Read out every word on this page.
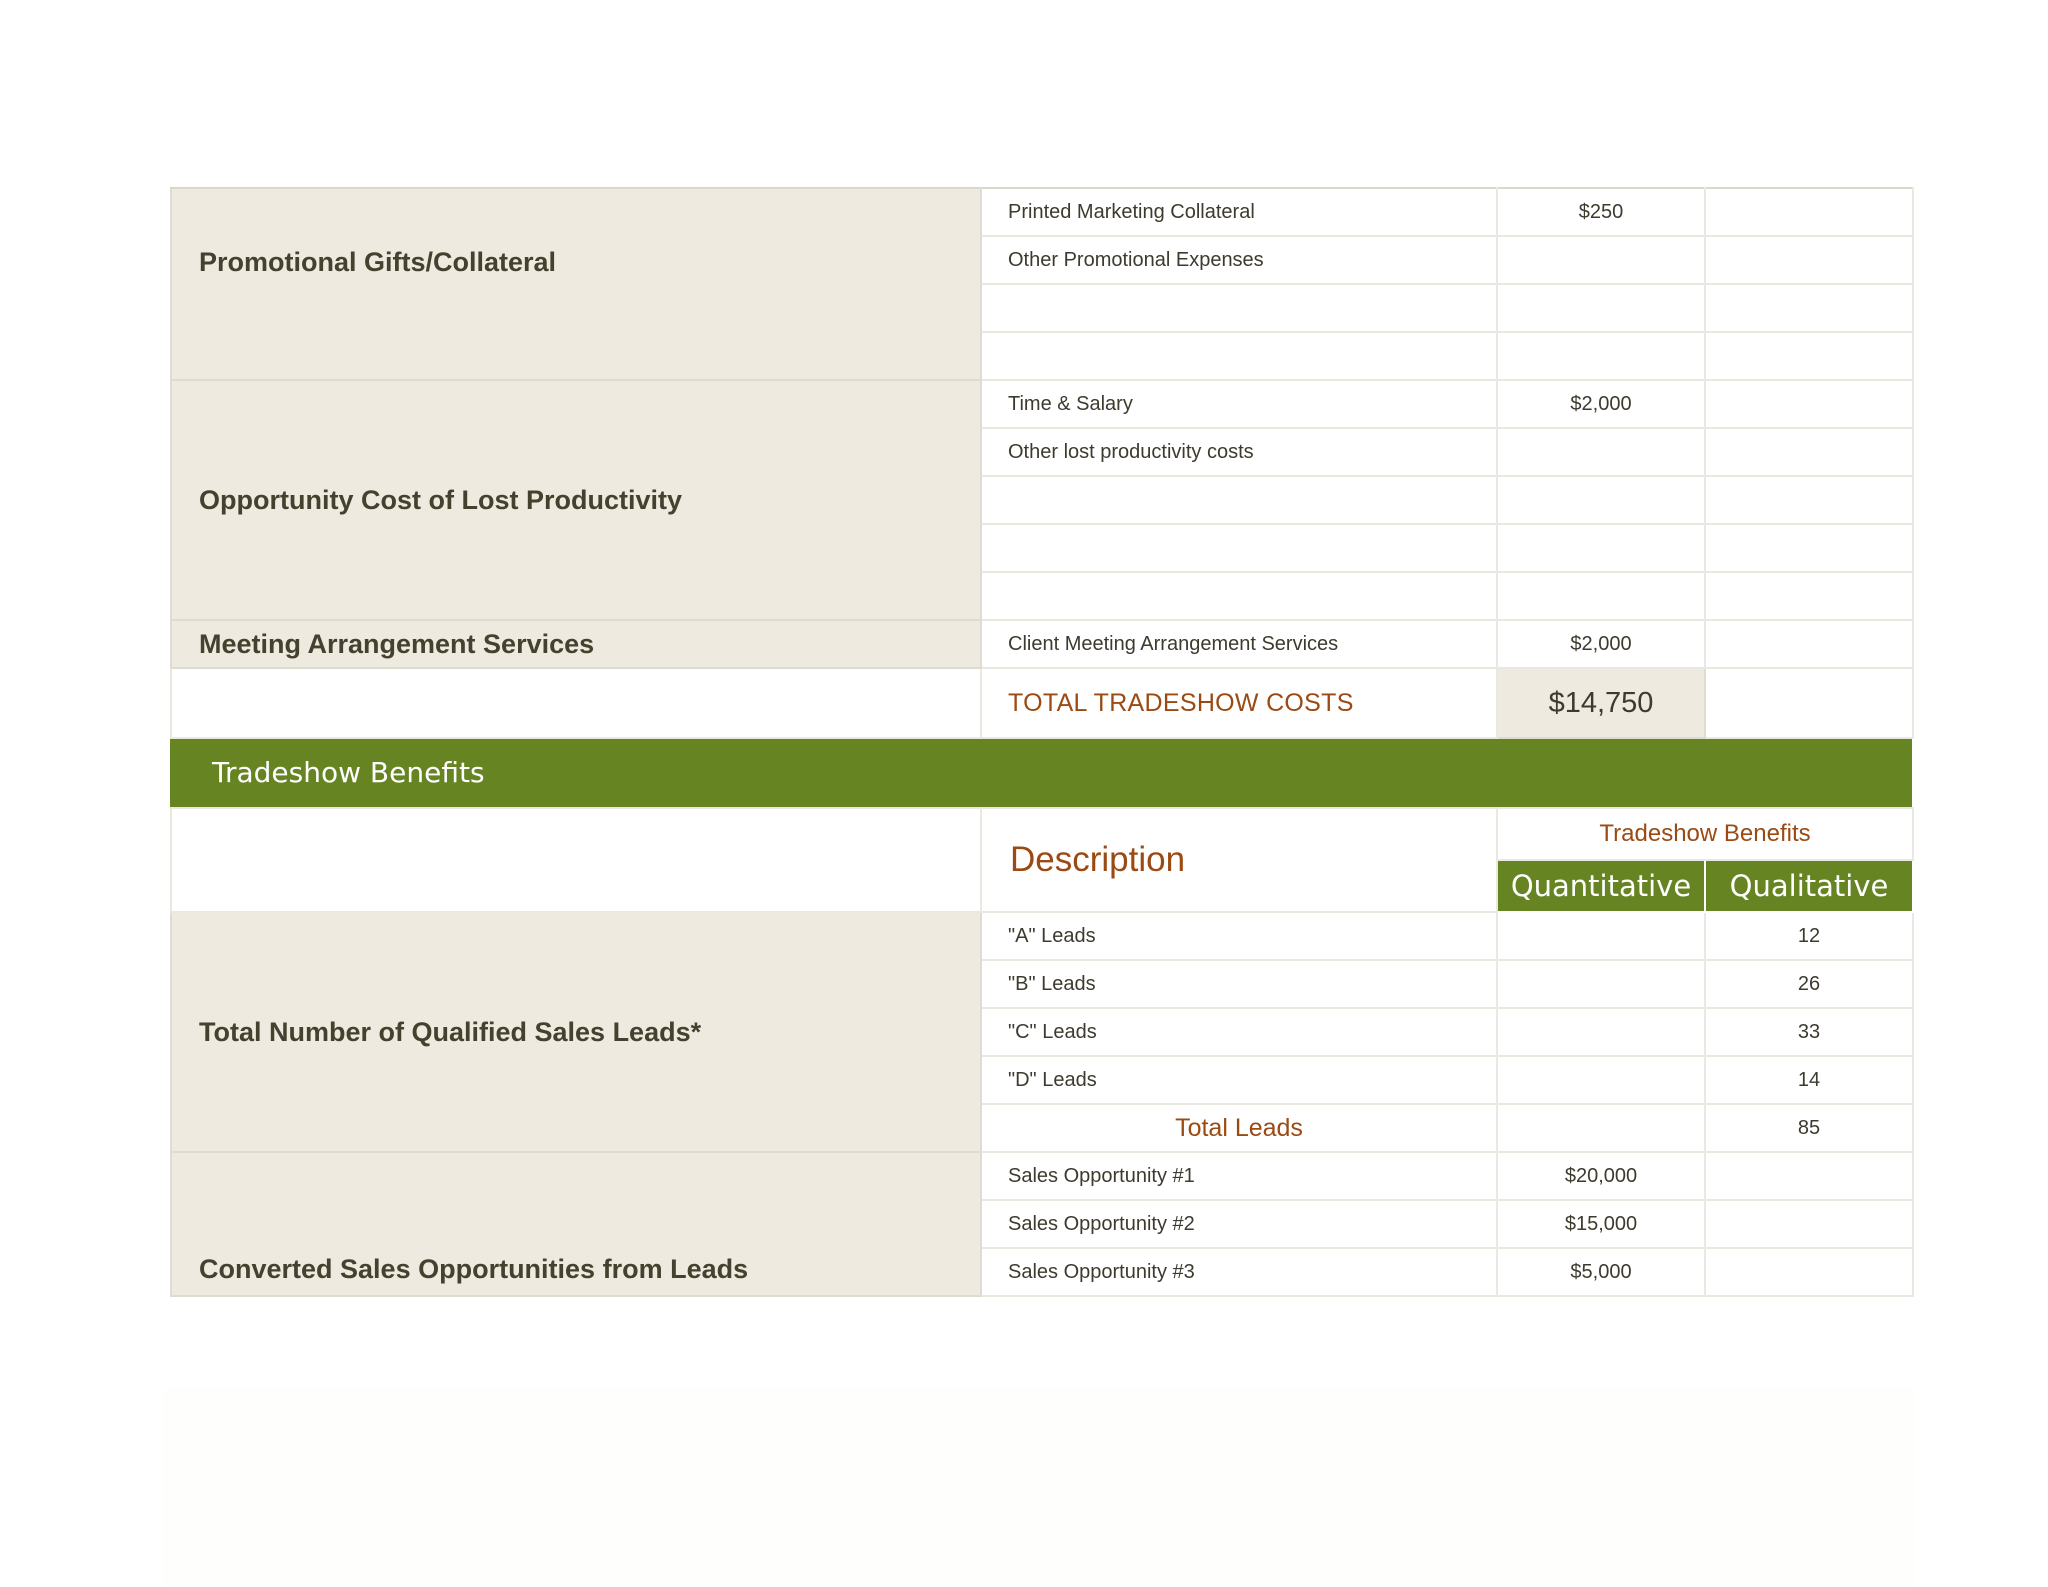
Promotional Gifts/Collateral	Printed Marketing Collateral	$250	
	Other Promotional Expenses		

Opportunity Cost of Lost Productivity	Time & Salary	$2,000	
	Other lost productivity costs		

Meeting Arrangement Services	Client Meeting Arrangement Services	$2,000	
	TOTAL TRADESHOW COSTS	$14,750	
Tradeshow Benefits
	Description	Tradeshow Benefits	
		Quantitative	Qualitative
Total Number of Qualified Sales Leads*	"A" Leads		12
	"B" Leads		26
	"C" Leads		33
	"D" Leads		14
	Total Leads		85
Converted Sales Opportunities from Leads	Sales Opportunity #1	$20,000	
	Sales Opportunity #2	$15,000	
	Sales Opportunity #3	$5,000	
